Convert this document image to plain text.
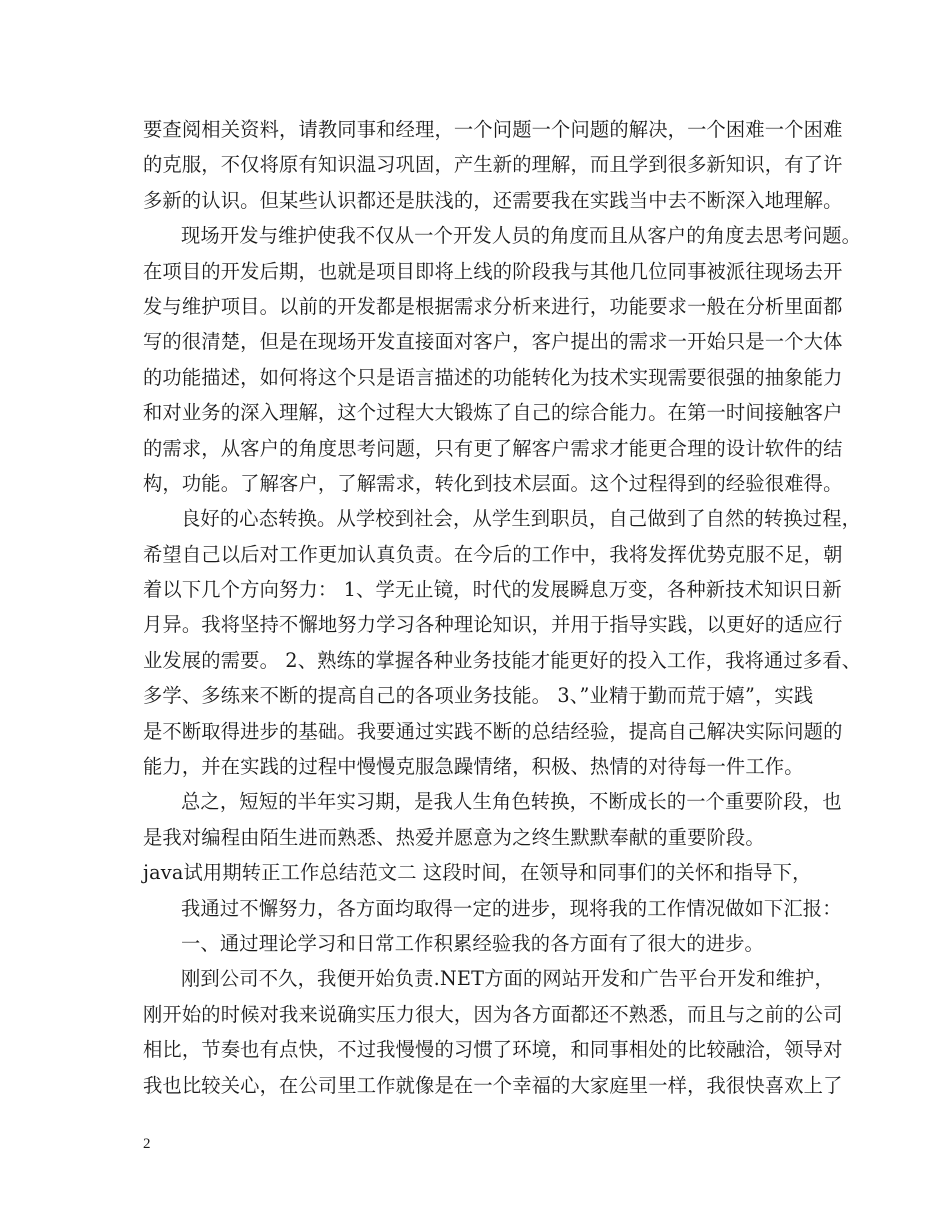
要查阅相关资料，请教同事和经理，一个问题一个问题的解决，一个困难一个困难
的克服，不仅将原有知识温习巩固，产生新的理解，而且学到很多新知识，有了许
多新的认识。但某些认识都还是肤浅的，还需要我在实践当中去不断深入地理解。
现场开发与维护使我不仅从一个开发人员的角度而且从客户的角度去思考问题。
在项目的开发后期，也就是项目即将上线的阶段我与其他几位同事被派往现场去开
发与维护项目。以前的开发都是根据需求分析来进行，功能要求一般在分析里面都
写的很清楚，但是在现场开发直接面对客户，客户提出的需求一开始只是一个大体
的功能描述，如何将这个只是语言描述的功能转化为技术实现需要很强的抽象能力
和对业务的深入理解，这个过程大大锻炼了自己的综合能力。在第一时间接触客户
的需求，从客户的角度思考问题，只有更了解客户需求才能更合理的设计软件的结
构，功能。了解客户，了解需求，转化到技术层面。这个过程得到的经验很难得。
良好的心态转换。从学校到社会，从学生到职员，自己做到了自然的转换过程，
希望自己以后对工作更加认真负责。在今后的工作中，我将发挥优势克服不足，朝
着以下几个方向努力： 1、学无止镜，时代的发展瞬息万变，各种新技术知识日新
月异。我将坚持不懈地努力学习各种理论知识，并用于指导实践，以更好的适应行
业发展的需要。 2、熟练的掌握各种业务技能才能更好的投入工作，我将通过多看、
多学、多练来不断的提高自己的各项业务技能。 3、”业精于勤而荒于嬉”，实践
是不断取得进步的基础。我要通过实践不断的总结经验，提高自己解决实际问题的
能力，并在实践的过程中慢慢克服急躁情绪，积极、热情的对待每一件工作。
总之，短短的半年实习期，是我人生角色转换，不断成长的一个重要阶段，也
是我对编程由陌生进而熟悉、热爱并愿意为之终生默默奉献的重要阶段。
java试用期转正工作总结范文二 这段时间，在领导和同事们的关怀和指导下，
我通过不懈努力，各方面均取得一定的进步，现将我的工作情况做如下汇报：
一、通过理论学习和日常工作积累经验我的各方面有了很大的进步。
刚到公司不久，我便开始负责.NET方面的网站开发和广告平台开发和维护，
刚开始的时候对我来说确实压力很大，因为各方面都还不熟悉，而且与之前的公司
相比，节奏也有点快，不过我慢慢的习惯了环境，和同事相处的比较融洽，领导对
我也比较关心，在公司里工作就像是在一个幸福的大家庭里一样，我很快喜欢上了
2
